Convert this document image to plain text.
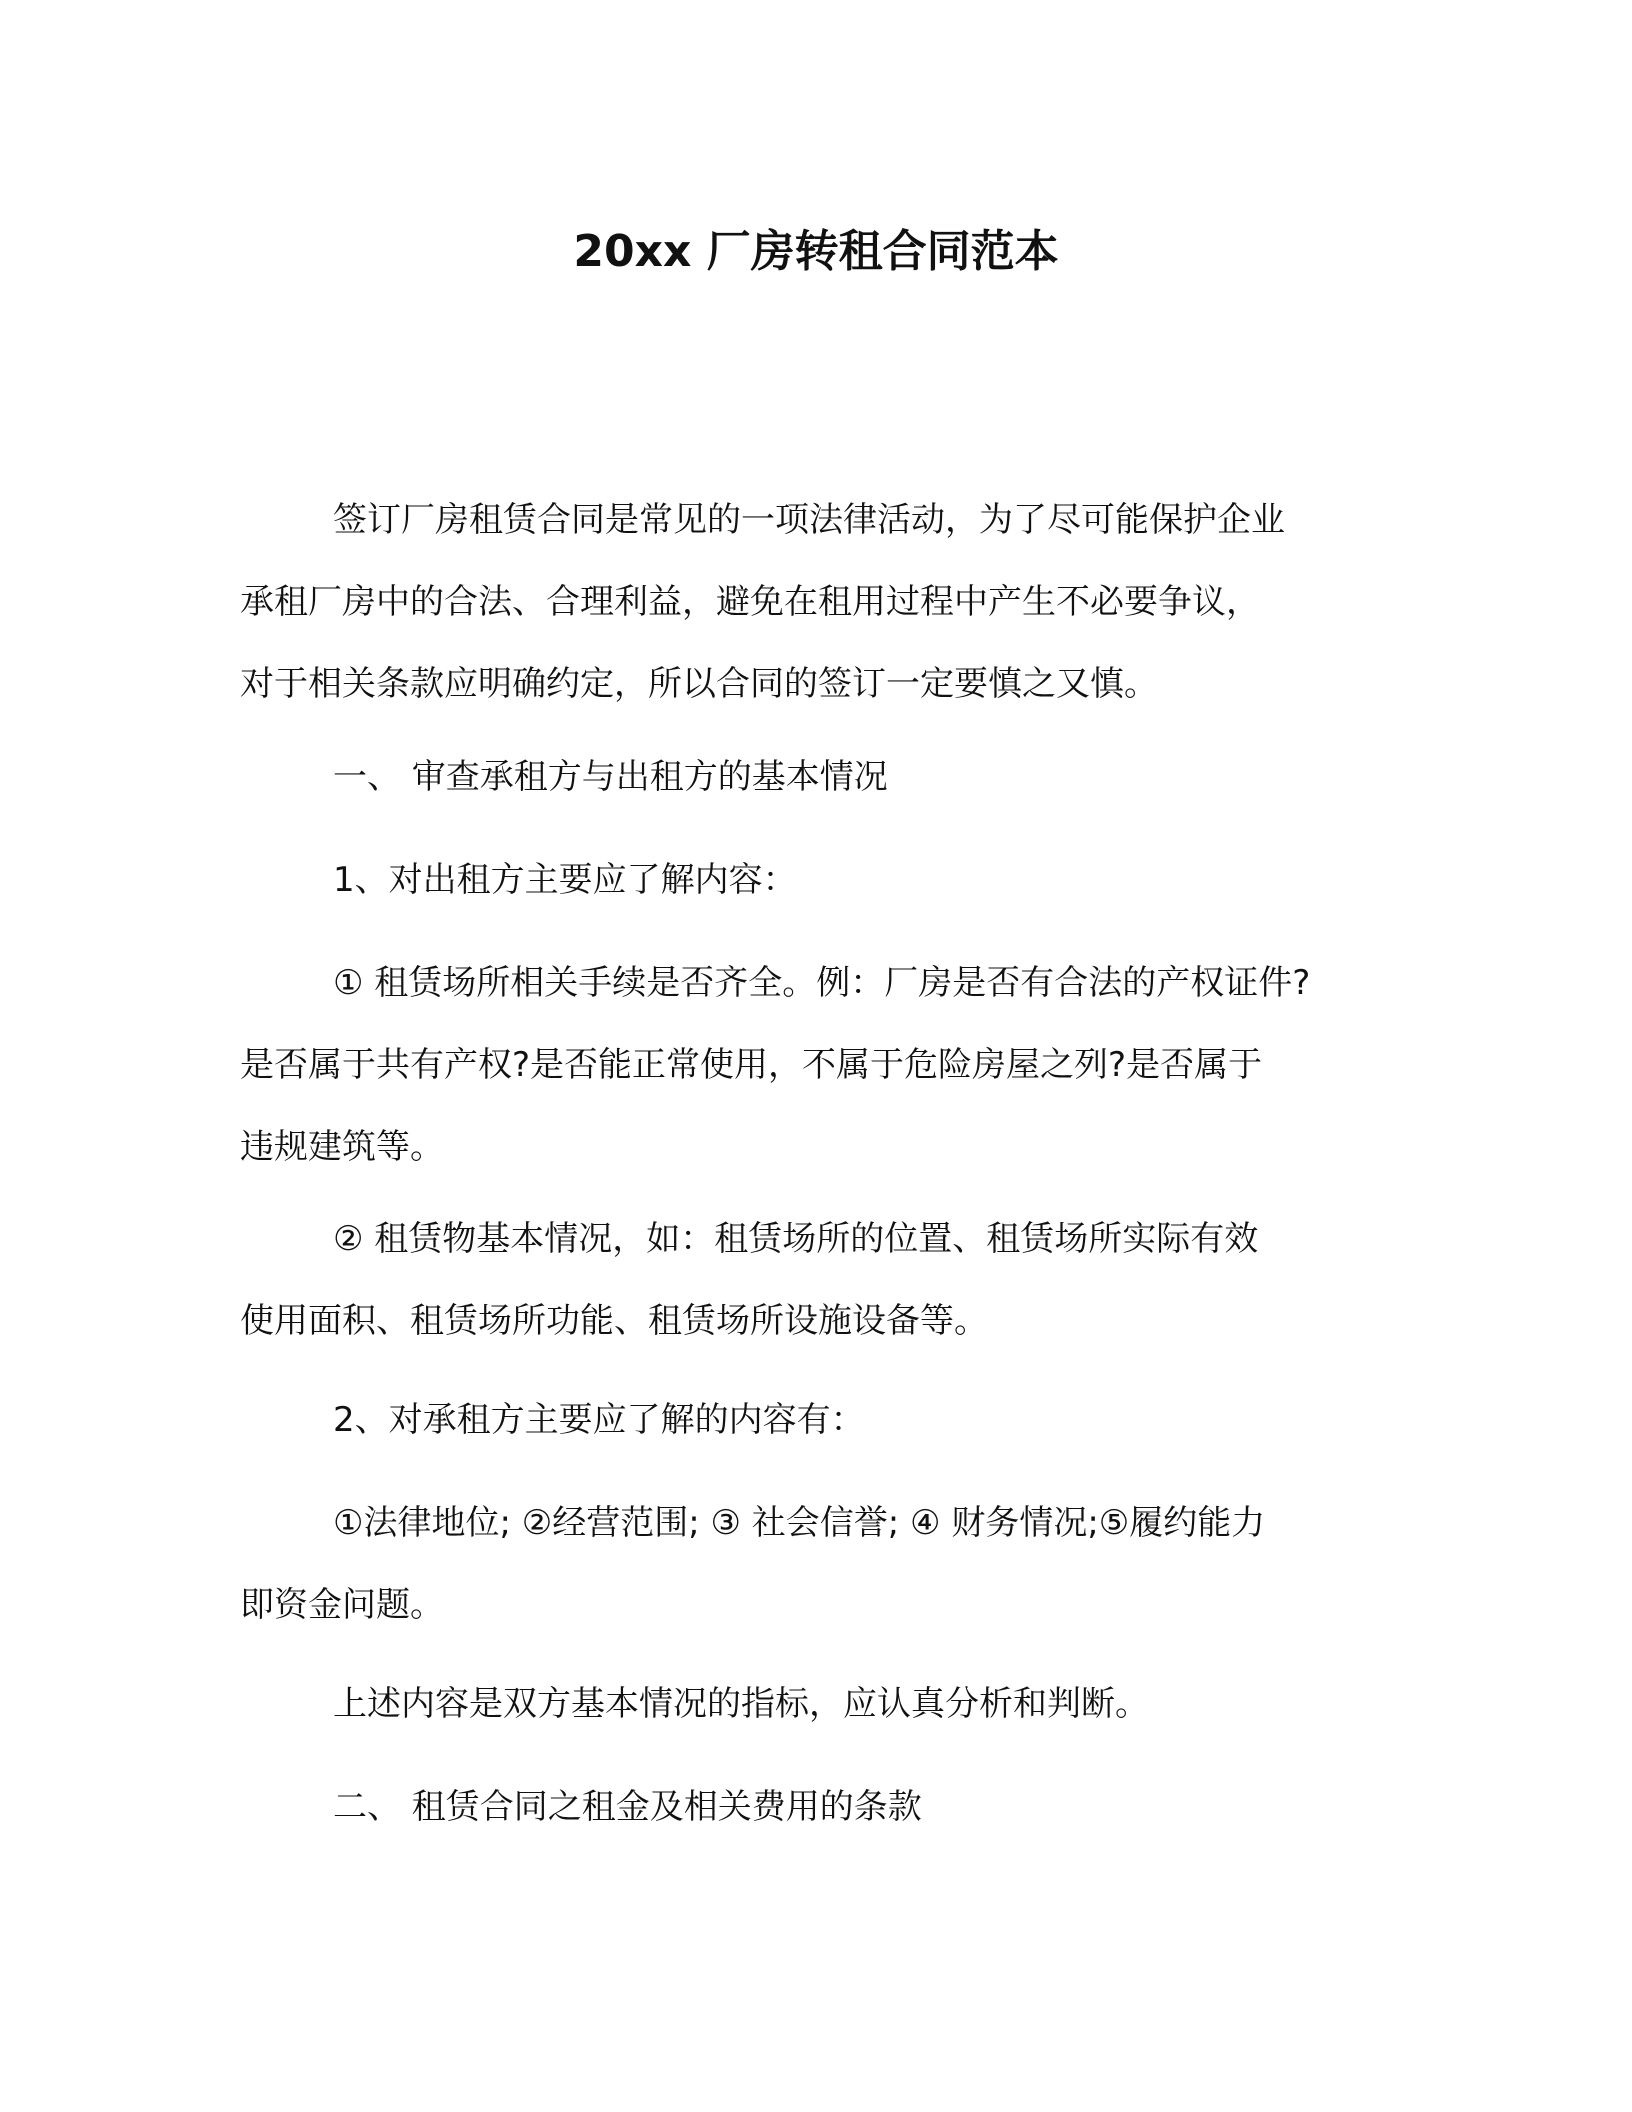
20xx 厂房转租合同范本
签订厂房租赁合同是常见的一项法律活动，为了尽可能保护企业
承租厂房中的合法、合理利益，避免在租用过程中产生不必要争议，
对于相关条款应明确约定，所以合同的签订一定要慎之又慎。
一、 审查承租方与出租方的基本情况
1、对出租方主要应了解内容：
① 租赁场所相关手续是否齐全。例：厂房是否有合法的产权证件?
是否属于共有产权?是否能正常使用，不属于危险房屋之列?是否属于
违规建筑等。
② 租赁物基本情况，如：租赁场所的位置、租赁场所实际有效
使用面积、租赁场所功能、租赁场所设施设备等。
2、对承租方主要应了解的内容有：
①法律地位; ②经营范围; ③ 社会信誉; ④ 财务情况;⑤履约能力
即资金问题。
上述内容是双方基本情况的指标，应认真分析和判断。
二、 租赁合同之租金及相关费用的条款
